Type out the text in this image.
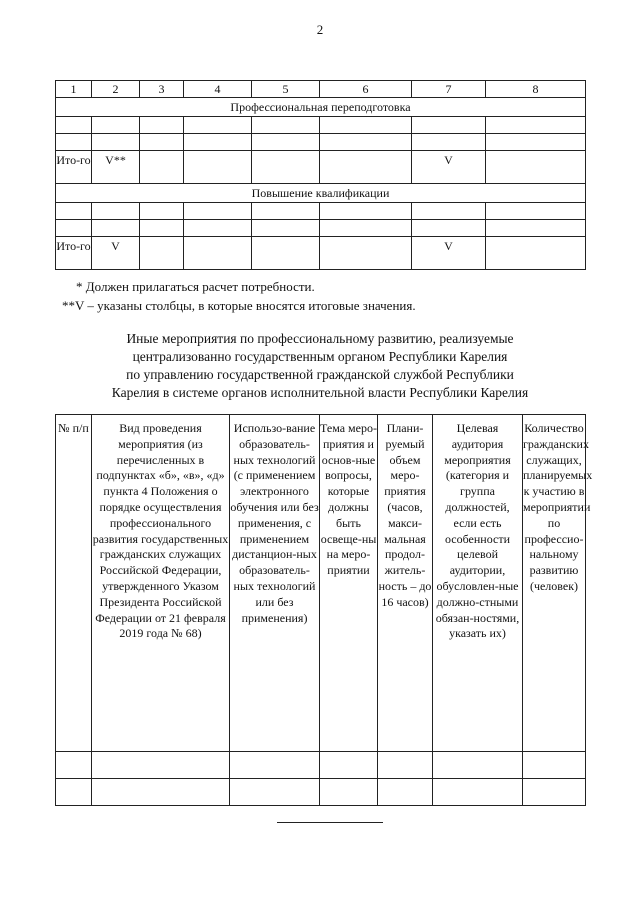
2
1	2	3	4	5	6	7	8
Профессиональная переподготовка							

Ито-го	V**					V	
Повышение квалификации							

Ито-го	V					V	
* Должен прилагаться расчет потребности.
**V – указаны столбцы, в которые вносятся итоговые значения.
Иные мероприятия по профессиональному развитию, реализуемые
централизованно государственным органом Республики Карелия
по управлению государственной гражданской службой Республики
Карелия в системе органов исполнительной власти Республики Карелия
№ п/п	Вид проведения мероприятия (из перечисленных в подпунктах «б», «в», «д» пункта 4 Положения о порядке осуществления профессионального развития государственных гражданских служащих Российской Федерации, утвержденного Указом Президента Российской Федерации от 21 февраля 2019 года № 68)	Использо-вание образователь-ных технологий (с применением электронного обучения или без применения, с применением дистанцион-ных образователь-ных технологий или без применения)	Тема меро-приятия и основ-ные вопросы, которые должны быть освеще-ны на меро-приятии	Плани-руемый объем меро-приятия (часов, макси-мальная продол-житель-ность – до 16 часов)	Целевая аудитория мероприятия (категория и группа должностей, если есть особенности целевой аудитории, обусловлен-ные должно-стными обязан-ностями, указать их)	Количество гражданских служащих, планируемых к участию в мероприятии по профессио-нальному развитию (человек)
